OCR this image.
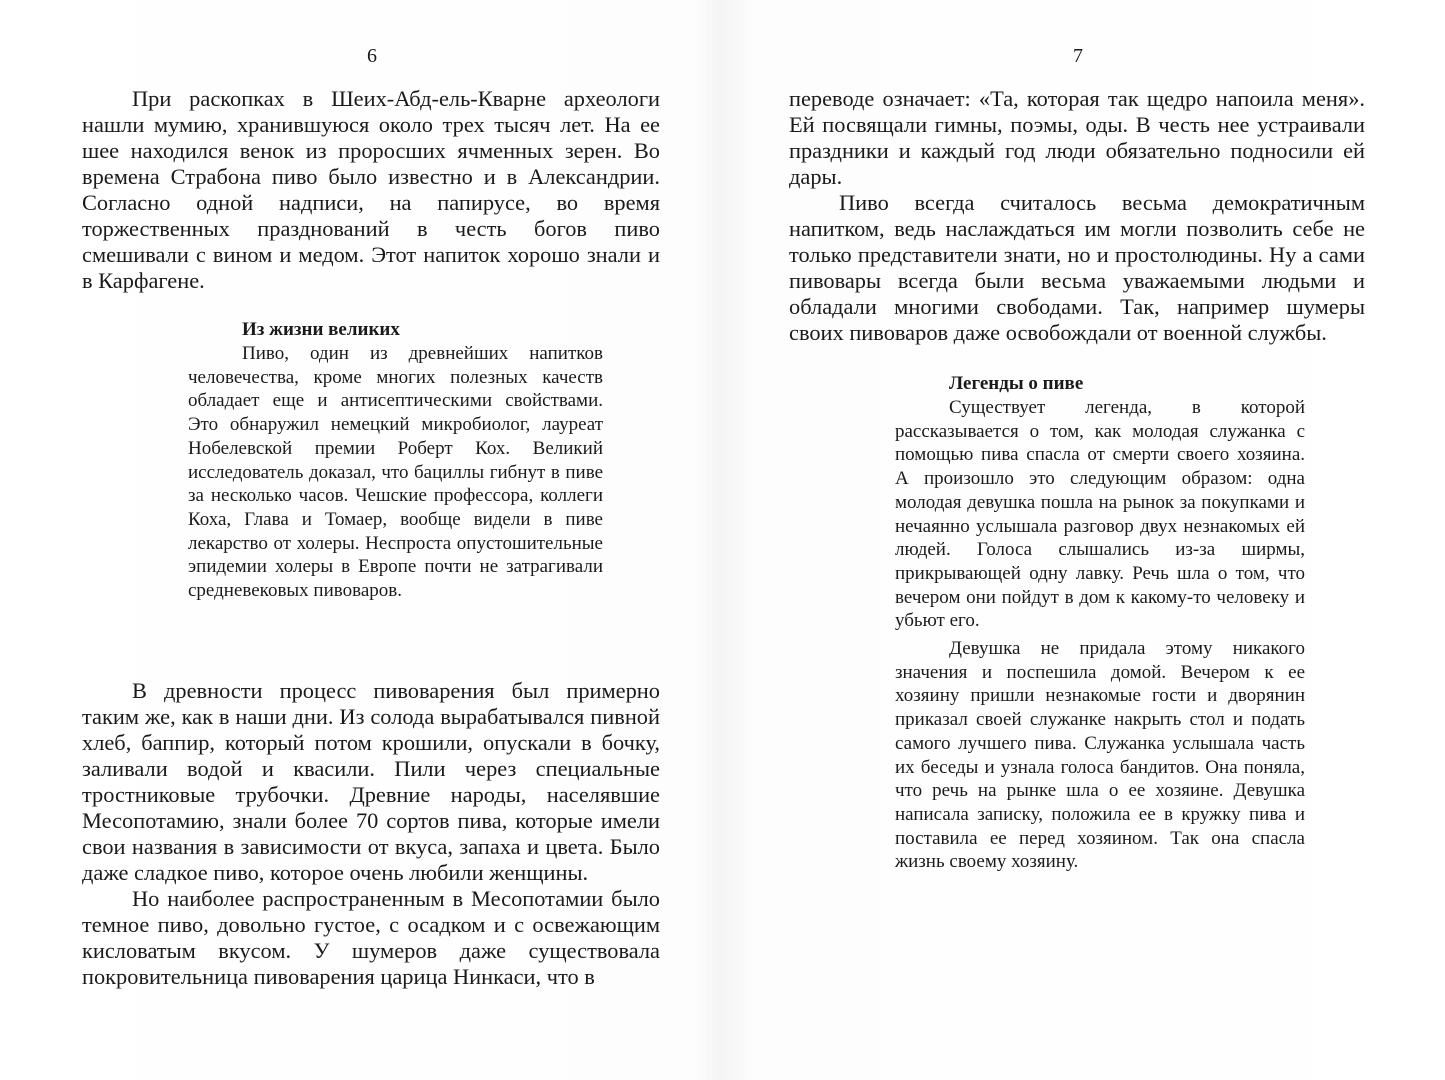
6

При раскопках в Шеих-Абд-ель-Кварне археологи нашли мумию, хранившуюся около трех тысяч лет. На ее шее находился венок из проросших ячменных зерен. Во времена Страбона пиво было известно и в Александрии. Согласно одной надписи, на папирусе, во время торжественных празднований в честь богов пиво смешивали с вином и медом. Этот напиток хорошо знали и в Карфагене.

Из жизни великих

Пиво, один из древнейших напитков человечества, кроме многих полезных качеств обладает еще и антисептическими свойствами. Это обнаружил немецкий микробиолог, лауреат Нобелевской премии Роберт Кох. Великий исследователь доказал, что бациллы гибнут в пиве за несколько часов. Чешские профессора, коллеги Коха, Глава и Томаер, вообще видели в пиве лекарство от холеры. Неспроста опустошительные эпидемии холеры в Европе почти не затрагивали средневековых пивоваров.

В древности процесс пивоварения был примерно таким же, как в наши дни. Из солода вырабатывался пивной хлеб, баппир, который потом крошили, опускали в бочку, заливали водой и квасили. Пили через специальные тростниковые трубочки. Древние народы, населявшие Месопотамию, знали более 70 сортов пива, которые имели свои названия в зависимости от вкуса, запаха и цвета. Было даже сладкое пиво, которое очень любили женщины.

Но наиболее распространенным в Месопотамии было темное пиво, довольно густое, с осадком и с освежающим кисловатым вкусом. У шумеров даже существовала покровительница пивоварения царица Нинкаси, что в

7

переводе означает: «Та, которая так щедро напоила меня». Ей посвящали гимны, поэмы, оды. В честь нее устраивали праздники и каждый год люди обязательно подносили ей дары.

Пиво всегда считалось весьма демократичным напитком, ведь наслаждаться им могли позволить себе не только представители знати, но и простолюдины. Ну а сами пивовары всегда были весьма уважаемыми людьми и обладали многими свободами. Так, например шумеры своих пивоваров даже освобождали от военной службы.

Легенды о пиве

Существует легенда, в которой рассказывается о том, как молодая служанка с помощью пива спасла от смерти своего хозяина. А произошло это следующим образом: одна молодая девушка пошла на рынок за покупками и нечаянно услышала разговор двух незнакомых ей людей. Голоса слышались из-за ширмы, прикрывающей одну лавку. Речь шла о том, что вечером они пойдут в дом к какому-то человеку и убьют его.

Девушка не придала этому никакого значения и поспешила домой. Вечером к ее хозяину пришли незнакомые гости и дворянин приказал своей служанке накрыть стол и подать самого лучшего пива. Служанка услышала часть их беседы и узнала голоса бандитов. Она поняла, что речь на рынке шла о ее хозяине. Девушка написала записку, положила ее в кружку пива и поставила ее перед хозяином. Так она спасла жизнь своему хозяину.
